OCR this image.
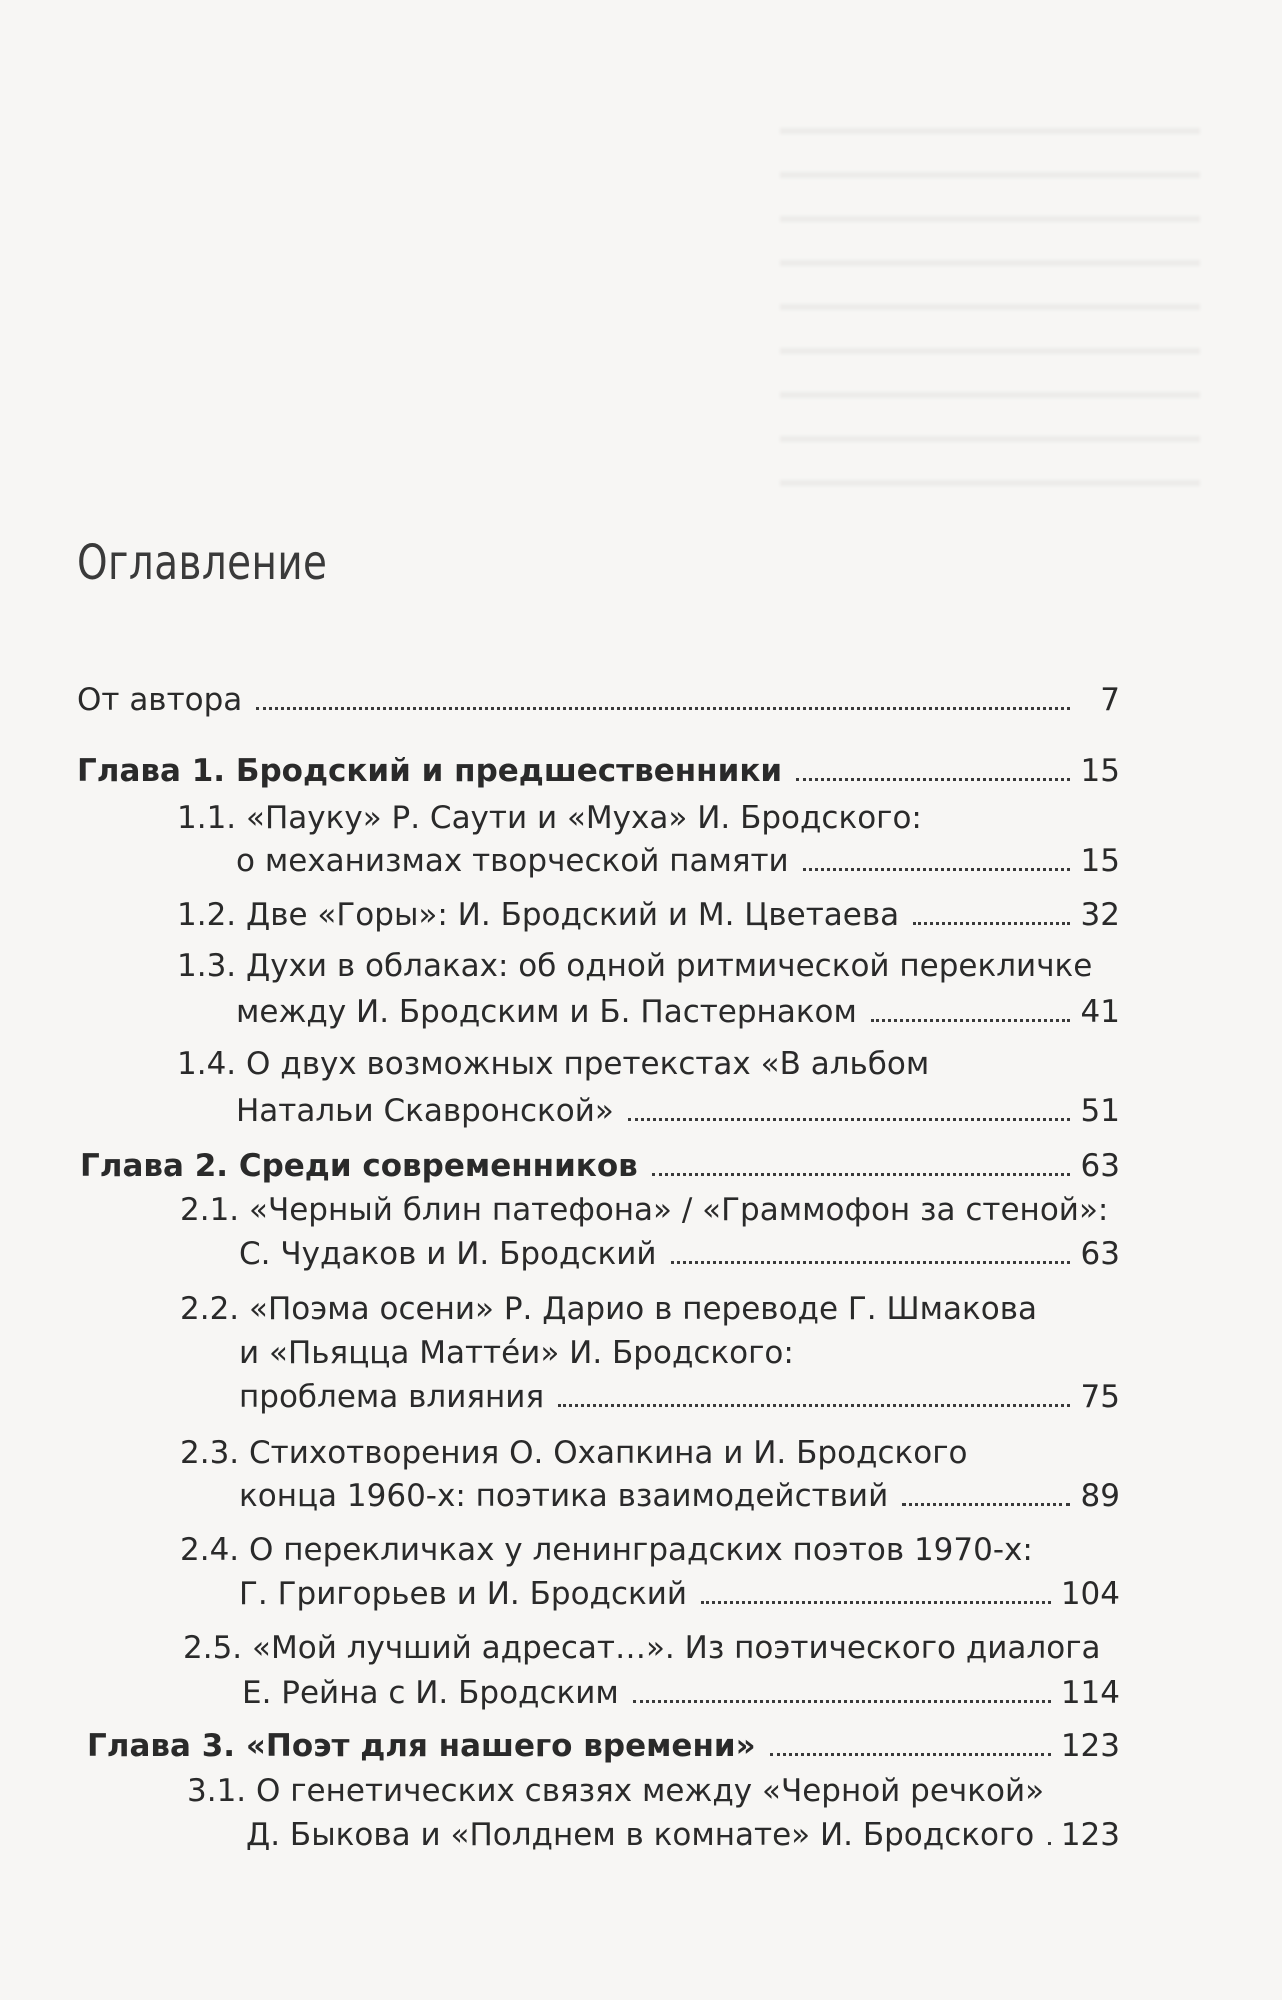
Оглавление
От автора	7
Глава 1. Бродский и предшественники	15
1.1. «Пауку» Р. Саути и «Муха» И. Бродского:
о механизмах творческой памяти	15
1.2. Две «Горы»: И. Бродский и М. Цветаева	32
1.3. Духи в облаках: об одной ритмической перекличке
между И. Бродским и Б. Пастернаком	41
1.4. О двух возможных претекстах «В альбом
Натальи Скавронской»	51
Глава 2. Среди современников	63
2.1. «Черный блин патефона» / «Граммофон за стеной»:
С. Чудаков и И. Бродский	63
2.2. «Поэма осени» Р. Дарио в переводе Г. Шмакова
и «Пьяцца Маттéи» И. Бродского:
проблема влияния	75
2.3. Стихотворения О. Охапкина и И. Бродского
конца 1960-х: поэтика взаимодействий	89
2.4. О перекличках у ленинградских поэтов 1970-х:
Г. Григорьев и И. Бродский	104
2.5. «Мой лучший адресат…». Из поэтического диалога
Е. Рейна с И. Бродским	114
Глава 3. «Поэт для нашего времени»	123
3.1. О генетических связях между «Черной речкой»
Д. Быкова и «Полднем в комнате» И. Бродского 123
